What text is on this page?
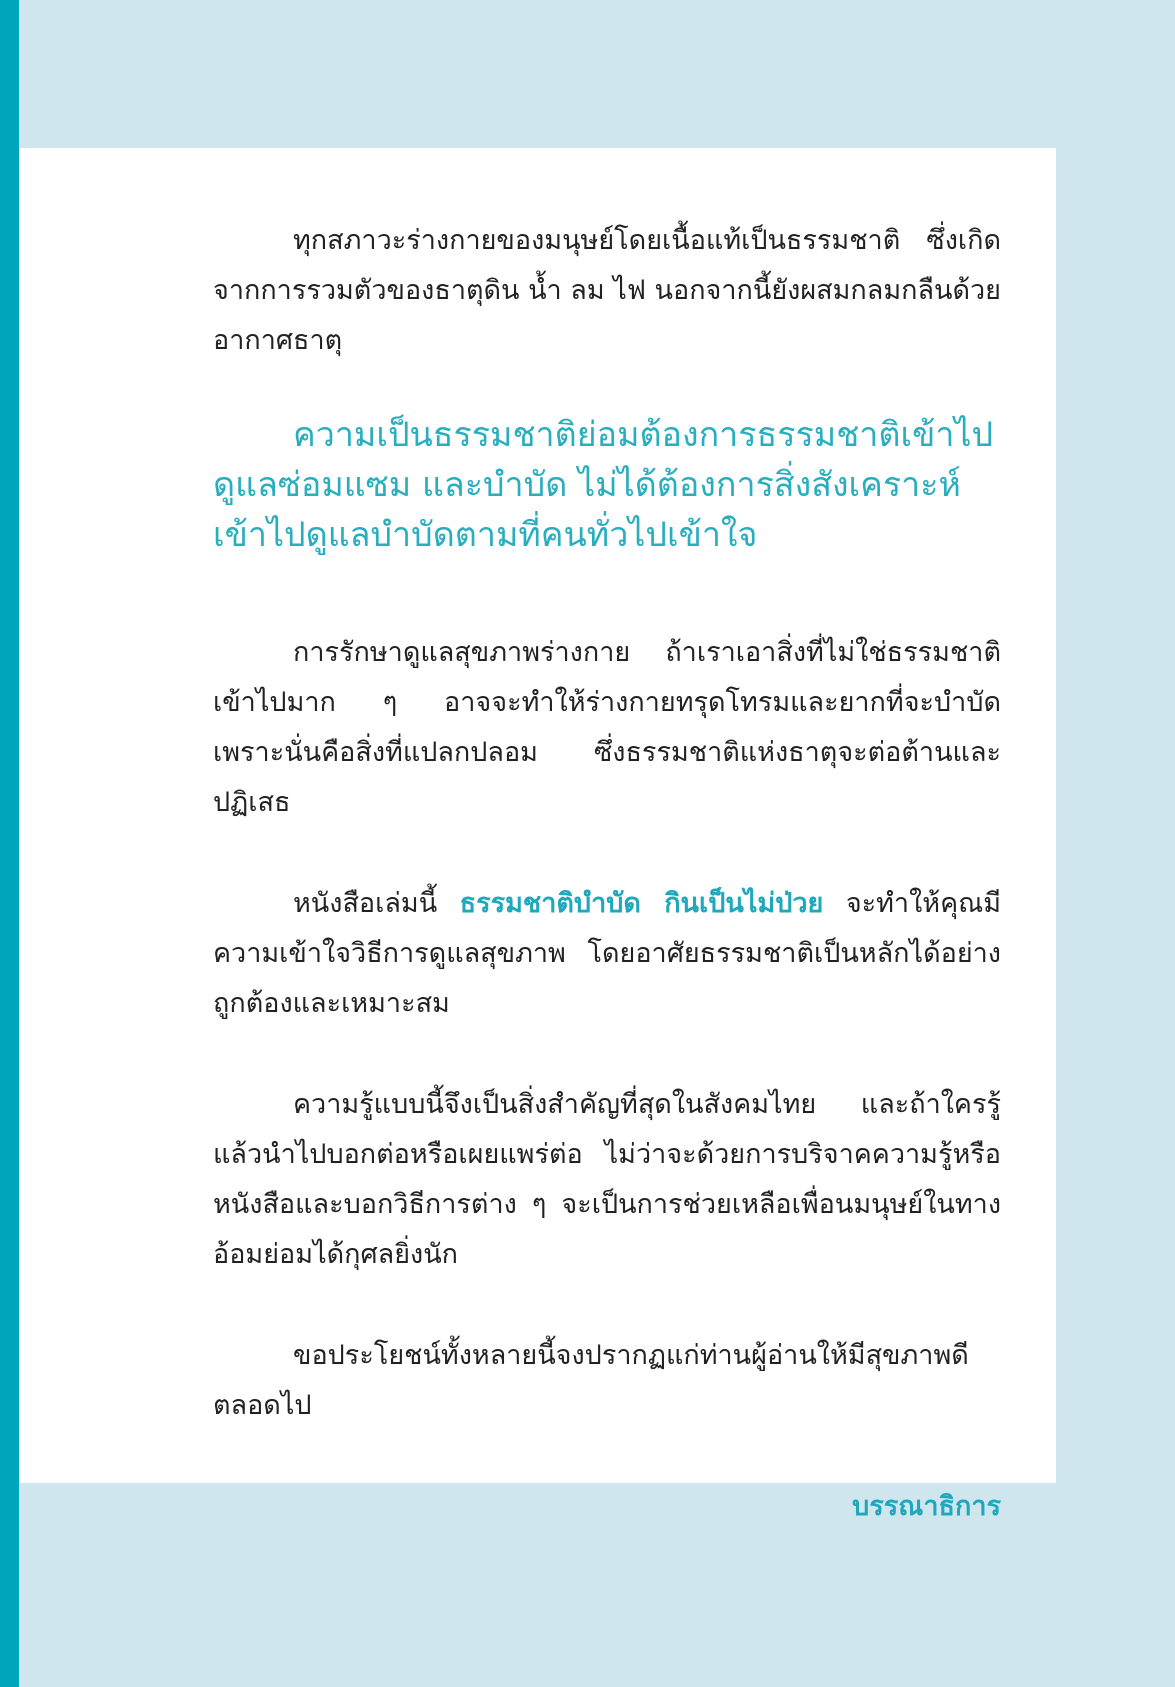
ทุกสภาวะร่างกายของมนุษย์โดยเนื้อแท้เป็นธรรมชาติ ซึ่งเกิดจากการรวมตัวของธาตุดิน น้ำ ลม ไฟ นอกจากนี้ยังผสมกลมกลืนด้วยอากาศธาตุ

ความเป็นธรรมชาติย่อมต้องการธรรมชาติเข้าไปดูแลซ่อมแซม และบำบัด ไม่ได้ต้องการสิ่งสังเคราะห์เข้าไปดูแลบำบัดตามที่คนทั่วไปเข้าใจ

การรักษาดูแลสุขภาพร่างกาย ถ้าเราเอาสิ่งที่ไม่ใช่ธรรมชาติเข้าไปมาก ๆ อาจจะทำให้ร่างกายทรุดโทรมและยากที่จะบำบัด เพราะนั่นคือสิ่งที่แปลกปลอม ซึ่งธรรมชาติแห่งธาตุจะต่อต้านและปฏิเสธ

หนังสือเล่มนี้ ธรรมชาติบำบัด กินเป็นไม่ป่วย จะทำให้คุณมีความเข้าใจวิธีการดูแลสุขภาพ โดยอาศัยธรรมชาติเป็นหลักได้อย่างถูกต้องและเหมาะสม

ความรู้แบบนี้จึงเป็นสิ่งสำคัญที่สุดในสังคมไทย และถ้าใครรู้แล้วนำไปบอกต่อหรือเผยแพร่ต่อ ไม่ว่าจะด้วยการบริจาคความรู้หรือหนังสือและบอกวิธีการต่าง ๆ จะเป็นการช่วยเหลือเพื่อนมนุษย์ในทางอ้อมย่อมได้กุศลยิ่งนัก

ขอประโยชน์ทั้งหลายนี้จงปรากฏแก่ท่านผู้อ่านให้มีสุขภาพดีตลอดไป

บรรณาธิการ
